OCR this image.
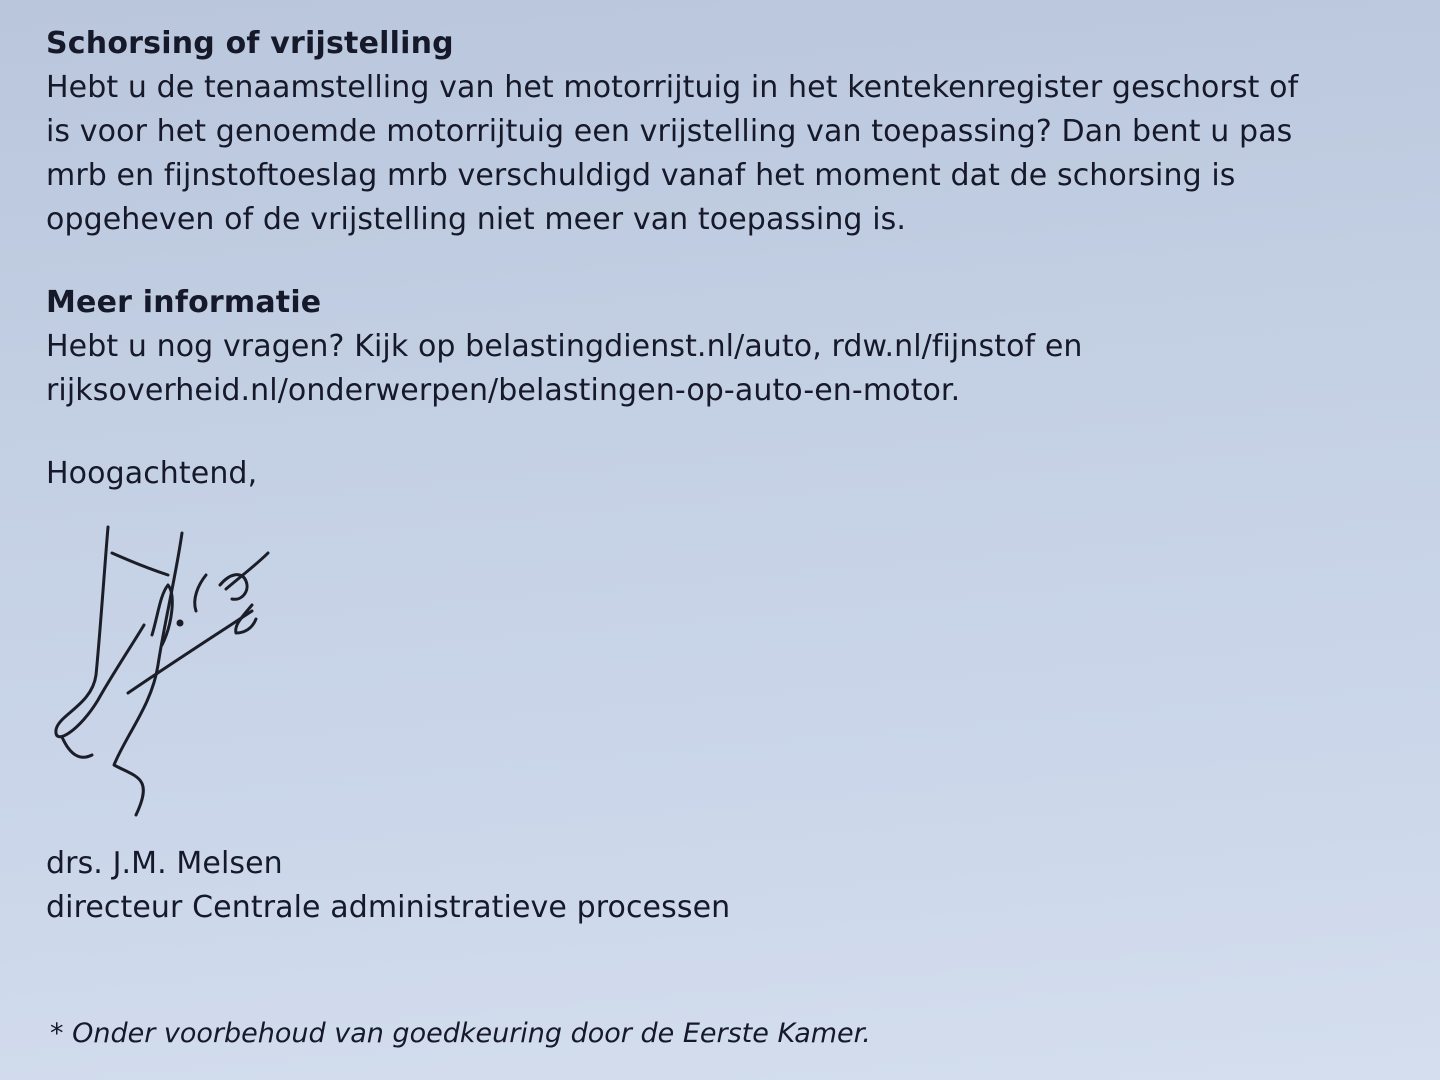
Schorsing of vrijstelling

Hebt u de tenaamstelling van het motorrijtuig in het kentekenregister geschorst of

is voor het genoemde motorrijtuig een vrijstelling van toepassing? Dan bent u pas

mrb en fijnstoftoeslag mrb verschuldigd vanaf het moment dat de schorsing is

opgeheven of de vrijstelling niet meer van toepassing is.

Meer informatie

Hebt u nog vragen? Kijk op belastingdienst.nl/auto, rdw.nl/fijnstof en

rijksoverheid.nl/onderwerpen/belastingen-op-auto-en-motor.

Hoogachtend,

drs. J.M. Melsen

directeur Centrale administratieve processen

* Onder voorbehoud van goedkeuring door de Eerste Kamer.
